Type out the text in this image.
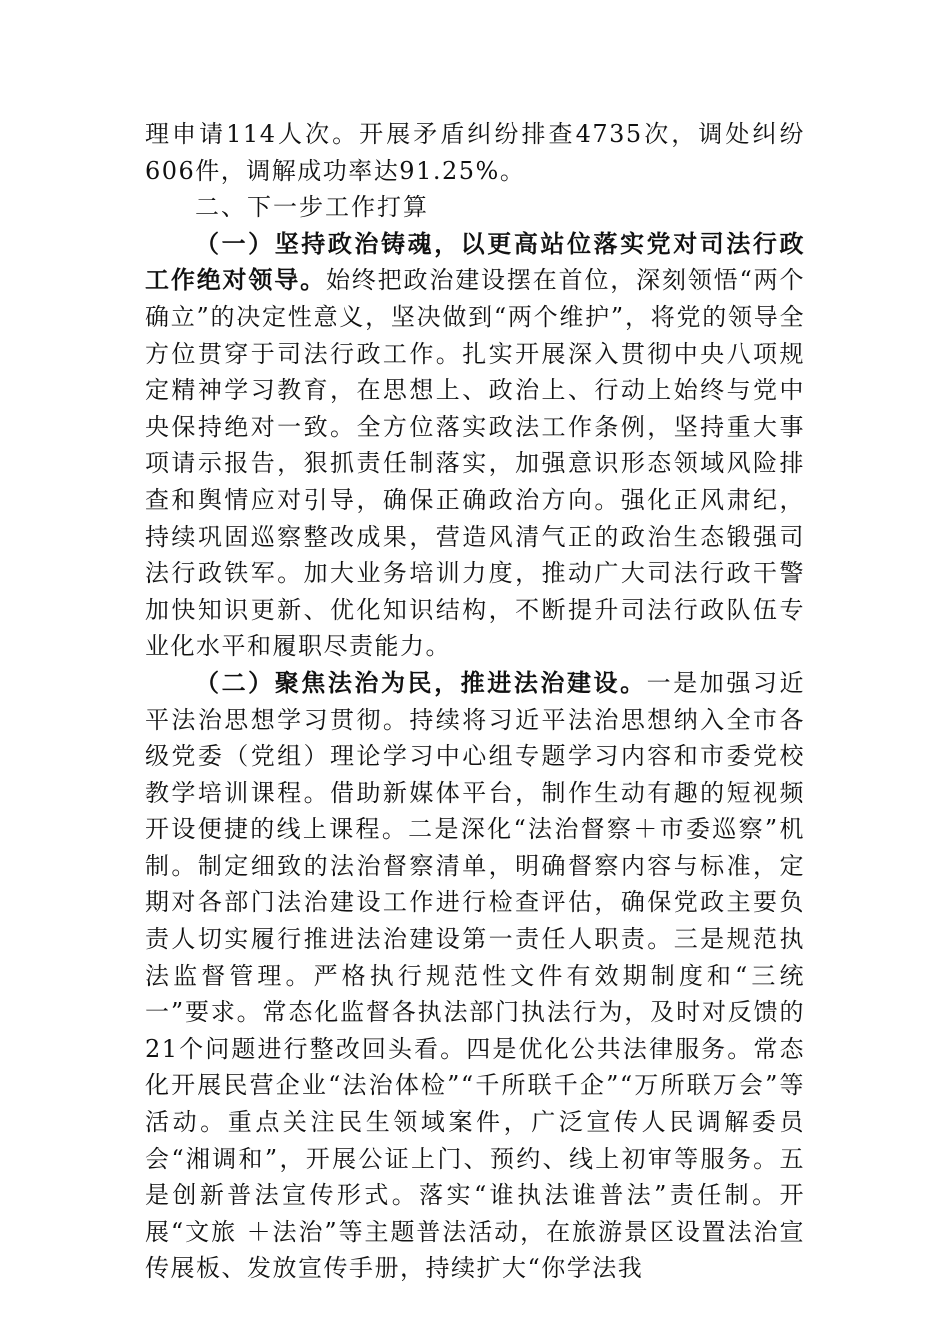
理申请114人次。开展矛盾纠纷排查4735次，调处纠纷606件，调解成功率达91.25%。

二、下一步工作打算

（一）坚持政治铸魂，以更高站位落实党对司法行政工作绝对领导。始终把政治建设摆在首位，深刻领悟“两个确立”的决定性意义，坚决做到“两个维护”，将党的领导全方位贯穿于司法行政工作。扎实开展深入贯彻中央八项规定精神学习教育，在思想上、政治上、行动上始终与党中央保持绝对一致。全方位落实政法工作条例，坚持重大事项请示报告，狠抓责任制落实，加强意识形态领域风险排查和舆情应对引导，确保正确政治方向。强化正风肃纪，持续巩固巡察整改成果，营造风清气正的政治生态锻强司法行政铁军。加大业务培训力度，推动广大司法行政干警加快知识更新、优化知识结构，不断提升司法行政队伍专业化水平和履职尽责能力。

（二）聚焦法治为民，推进法治建设。一是加强习近平法治思想学习贯彻。持续将习近平法治思想纳入全市各级党委（党组）理论学习中心组专题学习内容和市委党校教学培训课程。借助新媒体平台，制作生动有趣的短视频开设便捷的线上课程。二是深化“法治督察＋市委巡察”机制。制定细致的法治督察清单，明确督察内容与标准，定期对各部门法治建设工作进行检查评估，确保党政主要负责人切实履行推进法治建设第一责任人职责。三是规范执法监督管理。严格执行规范性文件有效期制度和“三统一”要求。常态化监督各执法部门执法行为，及时对反馈的21个问题进行整改回头看。四是优化公共法律服务。常态化开展民营企业“法治体检”“千所联千企”“万所联万会”等活动。重点关注民生领域案件，广泛宣传人民调解委员会“湘调和”，开展公证上门、预约、线上初审等服务。五是创新普法宣传形式。落实“谁执法谁普法”责任制。开展“文旅 ＋法治”等主题普法活动，在旅游景区设置法治宣传展板、发放宣传手册，持续扩大“你学法我
